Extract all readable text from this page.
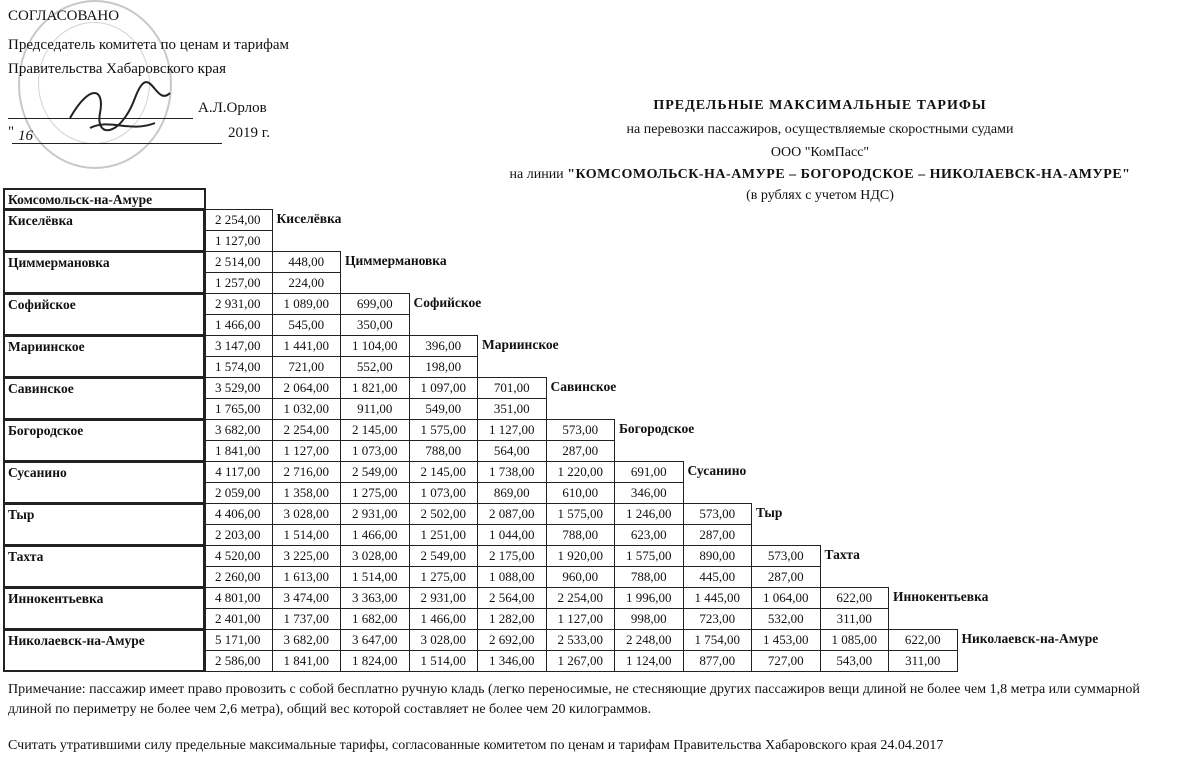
СОГЛАСОВАНО
Председатель комитета по ценам и тарифам
Правительства Хабаровского края
А.Л.Орлов
" 16	2019 г.
ПРЕДЕЛЬНЫЕ МАКСИМАЛЬНЫЕ ТАРИФЫ
на перевозки пассажиров, осуществляемые скоростными судами
ООО "КомПасс"
на линии "КОМСОМОЛЬСК-НА-АМУРЕ – БОГОРОДСКОЕ – НИКОЛАЕВСК-НА-АМУРЕ"
(в рублях с учетом НДС)
Комсомольск-на-Амуре
Киселёвка	2 254,00
1 127,00
Киселёвка
Циммермановка	2 514,00	448,00
1 257,00	224,00
Циммермановка
Софийское	2 931,00	1 089,00	699,00
1 466,00	545,00	350,00
Софийское
Мариинское	3 147,00	1 441,00	1 104,00	396,00
1 574,00	721,00	552,00	198,00
Мариинское
Савинское	3 529,00	2 064,00	1 821,00	1 097,00	701,00
1 765,00	1 032,00	911,00	549,00	351,00
Савинское
Богородское	3 682,00	2 254,00	2 145,00	1 575,00	1 127,00	573,00
1 841,00	1 127,00	1 073,00	788,00	564,00	287,00
Богородское
Сусанино	4 117,00	2 716,00	2 549,00	2 145,00	1 738,00	1 220,00	691,00
2 059,00	1 358,00	1 275,00	1 073,00	869,00	610,00	346,00
Сусанино
Тыр	4 406,00	3 028,00	2 931,00	2 502,00	2 087,00	1 575,00	1 246,00	573,00
2 203,00	1 514,00	1 466,00	1 251,00	1 044,00	788,00	623,00	287,00
Тыр
Тахта	4 520,00	3 225,00	3 028,00	2 549,00	2 175,00	1 920,00	1 575,00	890,00	573,00
2 260,00	1 613,00	1 514,00	1 275,00	1 088,00	960,00	788,00	445,00	287,00
Тахта
Иннокентьевка	4 801,00	3 474,00	3 363,00	2 931,00	2 564,00	2 254,00	1 996,00	1 445,00	1 064,00	622,00
2 401,00	1 737,00	1 682,00	1 466,00	1 282,00	1 127,00	998,00	723,00	532,00	311,00
Иннокентьевка
Николаевск-на-Амуре	5 171,00	3 682,00	3 647,00	3 028,00	2 692,00	2 533,00	2 248,00	1 754,00	1 453,00	1 085,00	622,00
2 586,00	1 841,00	1 824,00	1 514,00	1 346,00	1 267,00	1 124,00	877,00	727,00	543,00	311,00
Николаевск-на-Амуре
Примечание: пассажир имеет право провозить с собой бесплатно ручную кладь (легко переносимые, не стесняющие других пассажиров вещи длиной не более чем 1,8 метра или суммарной длиной по периметру не более чем 2,6 метра), общий вес которой составляет не более чем 20 килограммов.
Считать утратившими силу предельные максимальные тарифы, согласованные комитетом по ценам и тарифам Правительства Хабаровского края 24.04.2017
